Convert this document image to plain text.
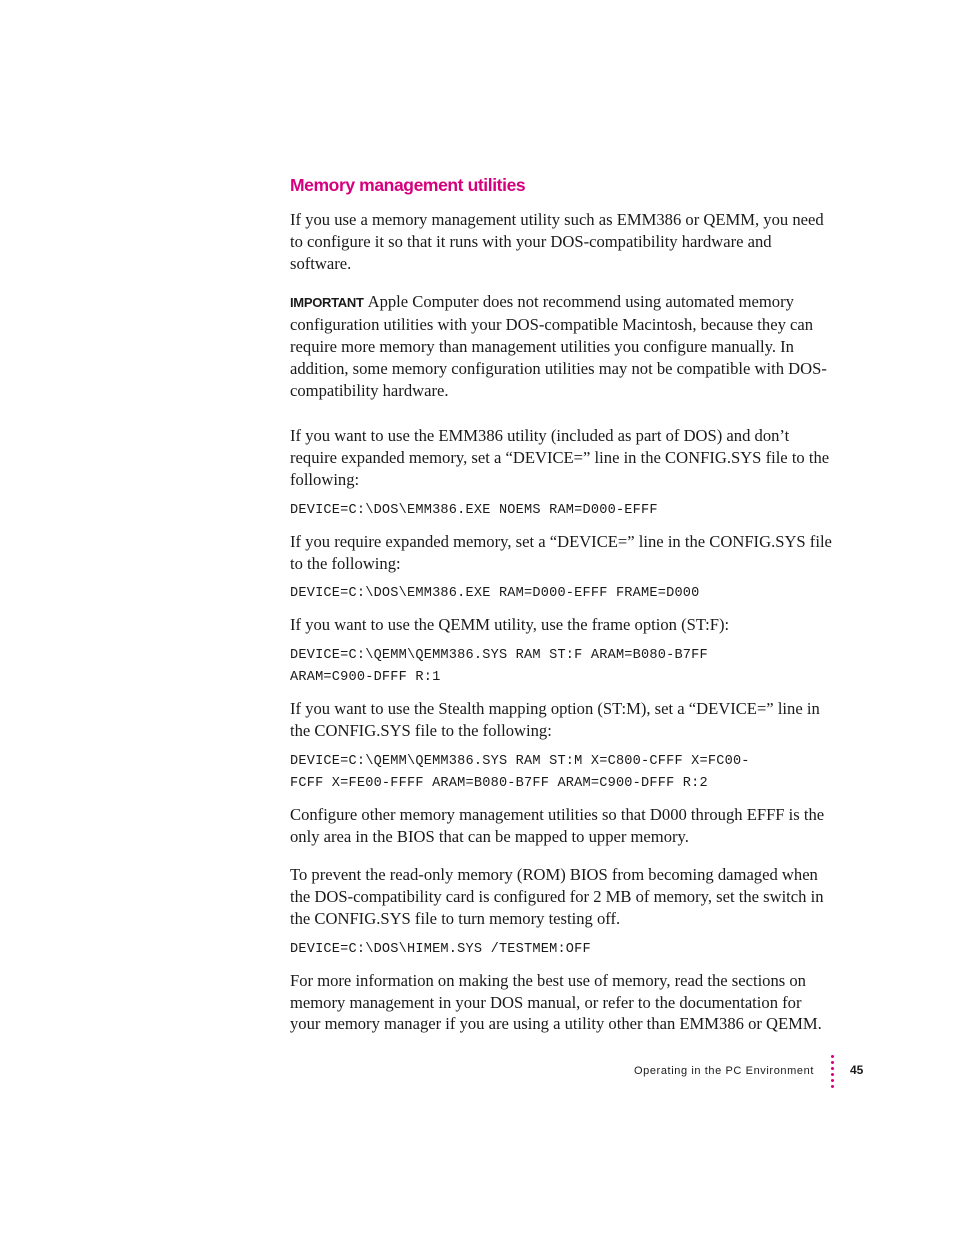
Memory management utilities

If you use a memory management utility such as EMM386 or QEMM, you need to configure it so that it runs with your DOS-compatibility hardware and software.

IMPORTANT Apple Computer does not recommend using automated memory configuration utilities with your DOS-compatible Macintosh, because they can require more memory than management utilities you configure manually. In addition, some memory configuration utilities may not be compatible with DOS-compatibility hardware.

If you want to use the EMM386 utility (included as part of DOS) and don’t require expanded memory, set a “DEVICE=” line in the CONFIG.SYS file to the following:

DEVICE=C:\DOS\EMM386.EXE NOEMS RAM=D000-EFFF

If you require expanded memory, set a “DEVICE=” line in the CONFIG.SYS file to the following:

DEVICE=C:\DOS\EMM386.EXE RAM=D000-EFFF FRAME=D000

If you want to use the QEMM utility, use the frame option (ST:F):

DEVICE=C:\QEMM\QEMM386.SYS RAM ST:F ARAM=B080-B7FF
ARAM=C900-DFFF R:1

If you want to use the Stealth mapping option (ST:M), set a “DEVICE=” line in the CONFIG.SYS file to the following:

DEVICE=C:\QEMM\QEMM386.SYS RAM ST:M X=C800-CFFF X=FC00-
FCFF X=FE00-FFFF ARAM=B080-B7FF ARAM=C900-DFFF R:2

Configure other memory management utilities so that D000 through EFFF is the only area in the BIOS that can be mapped to upper memory.

To prevent the read-only memory (ROM) BIOS from becoming damaged when the DOS-compatibility card is configured for 2 MB of memory, set the switch in the CONFIG.SYS file to turn memory testing off.

DEVICE=C:\DOS\HIMEM.SYS /TESTMEM:OFF

For more information on making the best use of memory, read the sections on memory management in your DOS manual, or refer to the documentation for your memory manager if you are using a utility other than EMM386 or QEMM.

Operating in the PC Environment	45
